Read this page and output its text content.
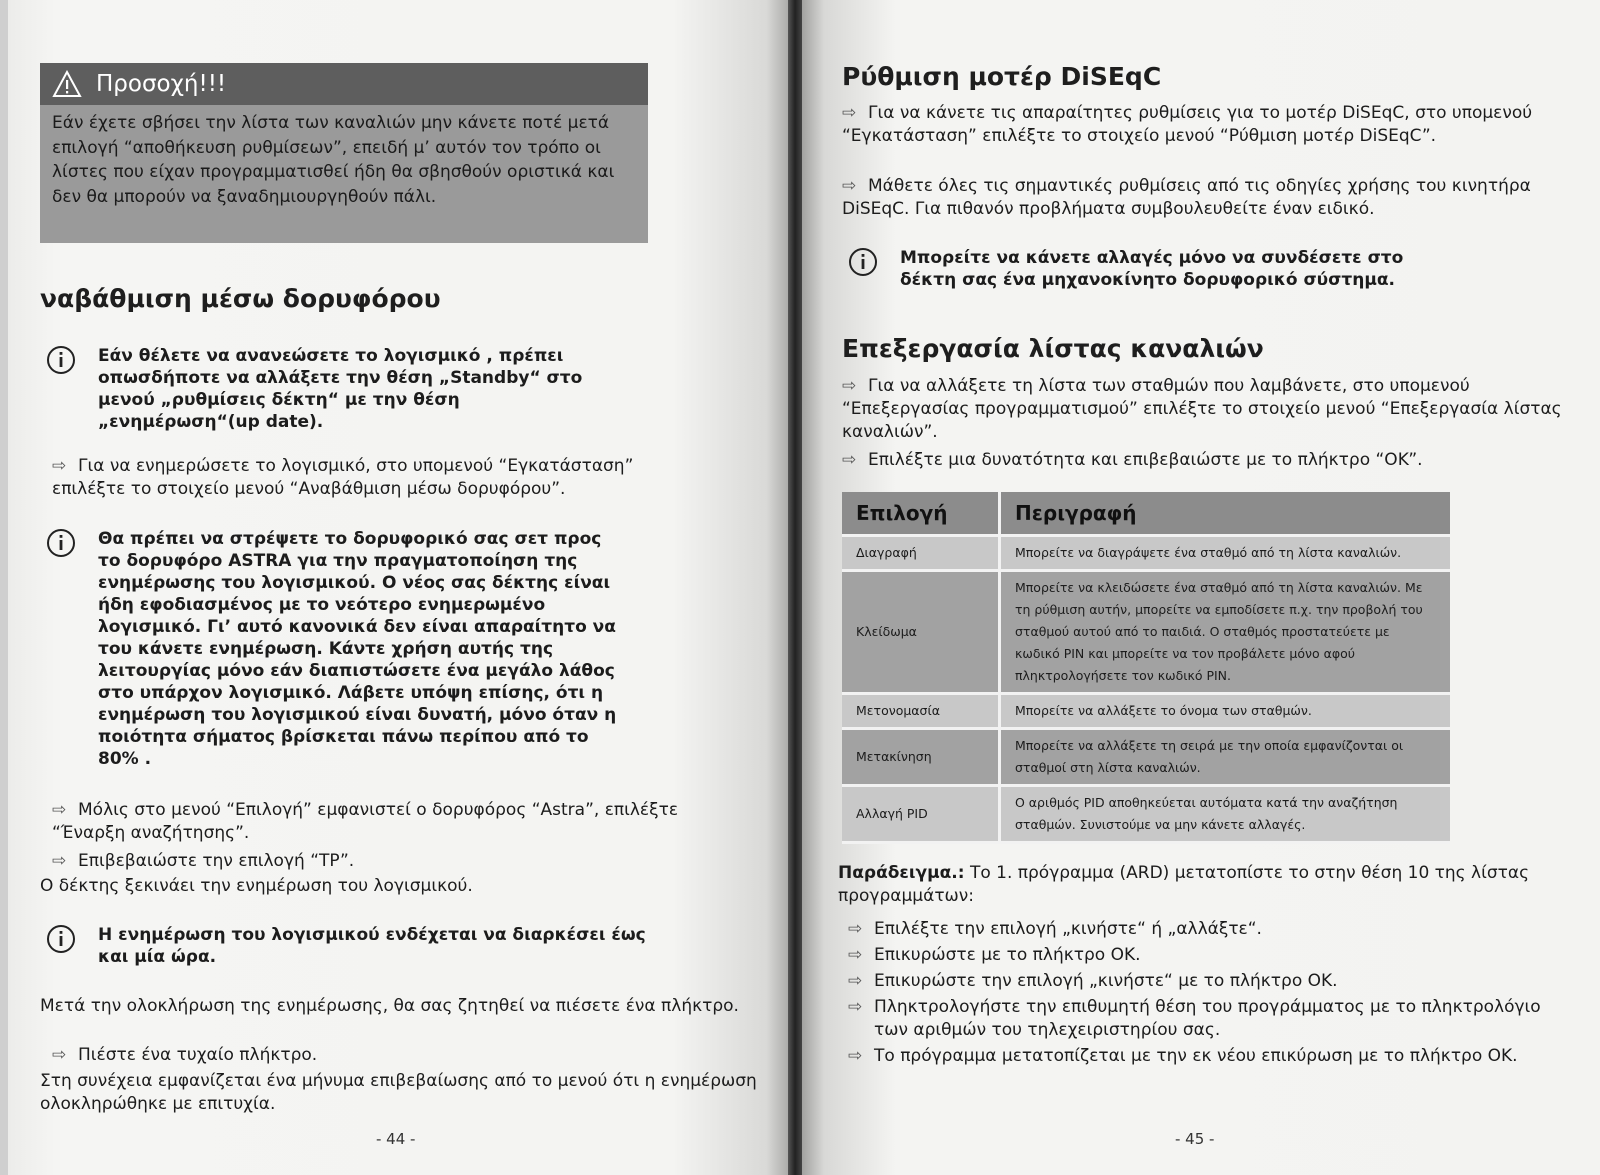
Προσοχή!!!
Εάν έχετε σβήσει την λίστα των καναλιών μην κάνετε ποτέ μετά επιλογή “αποθήκευση ρυθμίσεων”, επειδή μ’ αυτόν τον τρόπο οι λίστες που είχαν προγραμματισθεί ήδη θα σβησθούν οριστικά και δεν θα μπορούν να ξαναδημιουργηθούν πάλι.
ναβάθμιση μέσω δορυφόρου
Εάν θέλετε να ανανεώσετε το λογισμικό , πρέπει οπωσδήποτε να αλλάξετε την θέση „Standby“ στο μενού „ρυθμίσεις δέκτη“ με την θέση „ενημέρωση“(up date).
⇨ Για να ενημερώσετε το λογισμικό, στο υπομενού “Εγκατάσταση” επιλέξτε το στοιχείο μενού “Αναβάθμιση μέσω δορυφόρου”.
Θα πρέπει να στρέψετε το δορυφορικό σας σετ προς το δορυφόρο ASTRA για την πραγματοποίηση της ενημέρωσης του λογισμικού. Ο νέος σας δέκτης είναι ήδη εφοδιασμένος με το νεότερο ενημερωμένο λογισμικό. Γι’ αυτό κανονικά δεν είναι απαραίτητο να του κάνετε ενημέρωση. Κάντε χρήση αυτής της λειτουργίας μόνο εάν διαπιστώσετε ένα μεγάλο λάθος στο υπάρχον λογισμικό. Λάβετε υπόψη επίσης, ότι η ενημέρωση του λογισμικού είναι δυνατή, μόνο όταν η ποιότητα σήματος βρίσκεται πάνω περίπου από το 80% .
⇨ Μόλις στο μενού “Επιλογή” εμφανιστεί ο δορυφόρος “Astra”, επιλέξτε “Έναρξη αναζήτησης”.
⇨ Επιβεβαιώστε την επιλογή “TP”.
Ο δέκτης ξεκινάει την ενημέρωση του λογισμικού.
Η ενημέρωση του λογισμικού ενδέχεται να διαρκέσει έως και μία ώρα.
Μετά την ολοκλήρωση της ενημέρωσης, θα σας ζητηθεί να πιέσετε ένα πλήκτρο.
⇨ Πιέστε ένα τυχαίο πλήκτρο.
Στη συνέχεια εμφανίζεται ένα μήνυμα επιβεβαίωσης από το μενού ότι η ενημέρωση ολοκληρώθηκε με επιτυχία.
- 44 -
Ρύθμιση μοτέρ DiSEqC
⇨ Για να κάνετε τις απαραίτητες ρυθμίσεις για το μοτέρ DiSEqC, στο υπομενού “Εγκατάσταση” επιλέξτε το στοιχείο μενού “Ρύθμιση μοτέρ DiSEqC”.
⇨ Μάθετε όλες τις σημαντικές ρυθμίσεις από τις οδηγίες χρήσης του κινητήρα DiSEqC. Για πιθανόν προβλήματα συμβουλευθείτε έναν ειδικό.
Μπορείτε να κάνετε αλλαγές μόνο να συνδέσετε στο δέκτη σας ένα μηχανοκίνητο δορυφορικό σύστημα.
Επεξεργασία λίστας καναλιών
⇨ Για να αλλάξετε τη λίστα των σταθμών που λαμβάνετε, στο υπομενού “Επεξεργασίας προγραμματισμού” επιλέξτε το στοιχείο μενού “Επεξεργασία λίστας καναλιών”.
⇨ Επιλέξτε μια δυνατότητα και επιβεβαιώστε με το πλήκτρο “OK”.
Επιλογή	Περιγραφή
Διαγραφή	Μπορείτε να διαγράψετε ένα σταθμό από τη λίστα καναλιών.
Κλείδωμα	Μπορείτε να κλειδώσετε ένα σταθμό από τη λίστα καναλιών. Με τη ρύθμιση αυτήν, μπορείτε να εμποδίσετε π.χ. την προβολή του σταθμού αυτού από το παιδιά. Ο σταθμός προστατεύετε με κωδικό PIN και μπορείτε να τον προβάλετε μόνο αφού πληκτρολογήσετε τον κωδικό PIN.
Μετονομασία	Μπορείτε να αλλάξετε το όνομα των σταθμών.
Μετακίνηση	Μπορείτε να αλλάξετε τη σειρά με την οποία εμφανίζονται οι σταθμοί στη λίστα καναλιών.
Αλλαγή PID	Ο αριθμός PID αποθηκεύεται αυτόματα κατά την αναζήτηση σταθμών. Συνιστούμε να μην κάνετε αλλαγές.
Παράδειγμα.: Το 1. πρόγραμμα (ARD) μετατοπίστε το στην θέση 10 της λίστας προγραμμάτων:
⇨ Επιλέξτε την επιλογή „κινήστε“ ή „αλλάξτε“.
⇨ Επικυρώστε με το πλήκτρο ΟΚ.
⇨ Επικυρώστε την επιλογή „κινήστε“ με το πλήκτρο OK.
⇨ Πληκτρολογήστε την επιθυμητή θέση του προγράμματος με το πληκτρολόγιο των αριθμών του τηλεχειριστηρίου σας.
⇨ Το πρόγραμμα μετατοπίζεται με την εκ νέου επικύρωση με το πλήκτρο OK.
- 45 -
